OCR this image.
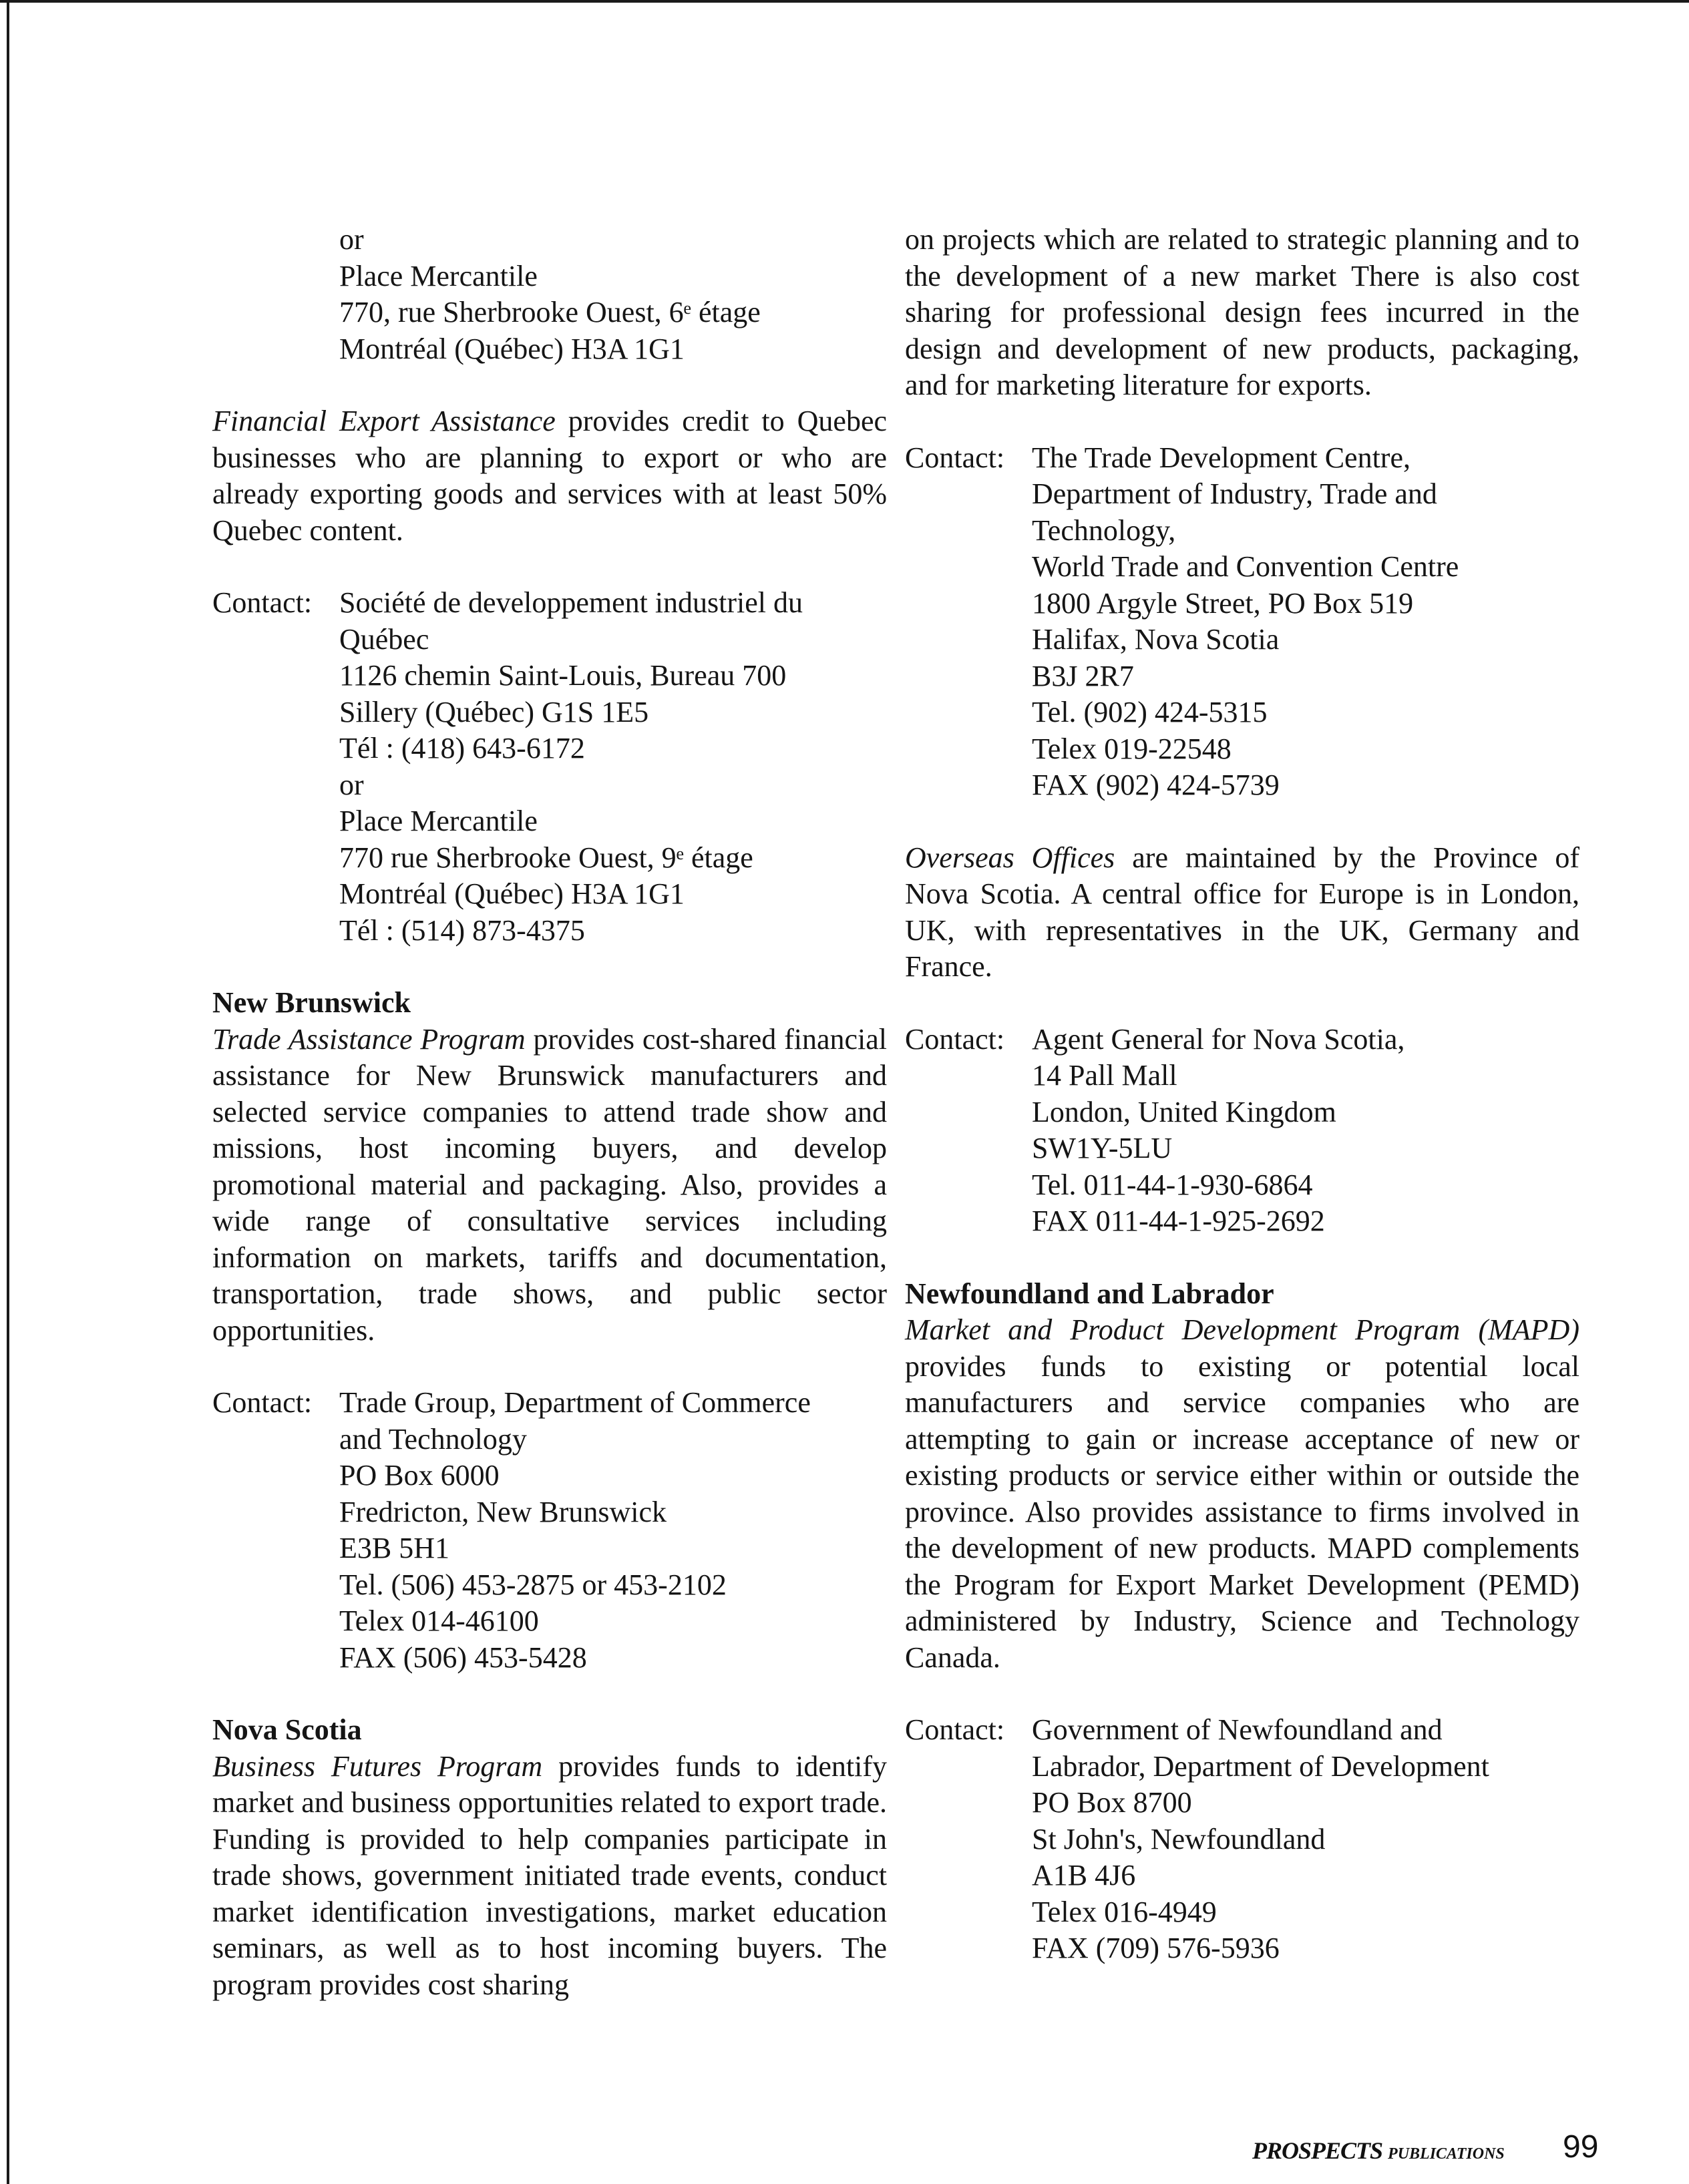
or
Place Mercantile
770, rue Sherbrooke Ouest, 6ᵉ étage
Montréal (Québec) H3A 1G1

Financial Export Assistance provides credit to Quebec businesses who are planning to export or who are already exporting goods and services with at least 50% Quebec content.

Contact: Société de developpement industriel du
Québec
1126 chemin Saint-Louis, Bureau 700
Sillery (Québec) G1S 1E5
Tél : (418) 643-6172
or
Place Mercantile
770 rue Sherbrooke Ouest, 9ᵉ étage
Montréal (Québec) H3A 1G1
Tél : (514) 873-4375
New Brunswick

Trade Assistance Program provides cost-shared financial assistance for New Brunswick manufacturers and selected service companies to attend trade show and missions, host incoming buyers, and develop promotional material and packaging. Also, provides a wide range of consultative services including information on markets, tariffs and documentation, transportation, trade shows, and public sector opportunities.

Contact: Trade Group, Department of Commerce
and Technology
PO Box 6000
Fredricton, New Brunswick
E3B 5H1
Tel. (506) 453-2875 or 453-2102
Telex 014-46100
FAX (506) 453-5428
Nova Scotia

Business Futures Program provides funds to identify market and business opportunities related to export trade. Funding is provided to help companies participate in trade shows, government initiated trade events, conduct market identification investigations, market education seminars, as well as to host incoming buyers. The program provides cost sharing

on projects which are related to strategic planning and to the development of a new market There is also cost sharing for professional design fees incurred in the design and development of new products, packaging, and for marketing literature for exports.

Contact: The Trade Development Centre,
Department of Industry, Trade and
Technology,
World Trade and Convention Centre
1800 Argyle Street, PO Box 519
Halifax, Nova Scotia
B3J 2R7
Tel. (902) 424-5315
Telex 019-22548
FAX (902) 424-5739

Overseas Offices are maintained by the Province of Nova Scotia. A central office for Europe is in London, UK, with representatives in the UK, Germany and France.

Contact: Agent General for Nova Scotia,
14 Pall Mall
London, United Kingdom
SW1Y-5LU
Tel. 011-44-1-930-6864
FAX 011-44-1-925-2692
Newfoundland and Labrador

Market and Product Development Program (MAPD) provides funds to existing or potential local manufacturers and service companies who are attempting to gain or increase acceptance of new or existing products or service either within or outside the province. Also provides assistance to firms involved in the development of new products. MAPD complements the Program for Export Market Development (PEMD) administered by Industry, Science and Technology Canada.

Contact: Government of Newfoundland and
Labrador, Department of Development
PO Box 8700
St John's, Newfoundland
A1B 4J6
Telex 016-4949
FAX (709) 576-5936
PROSPECTS PUBLICATIONS 99
